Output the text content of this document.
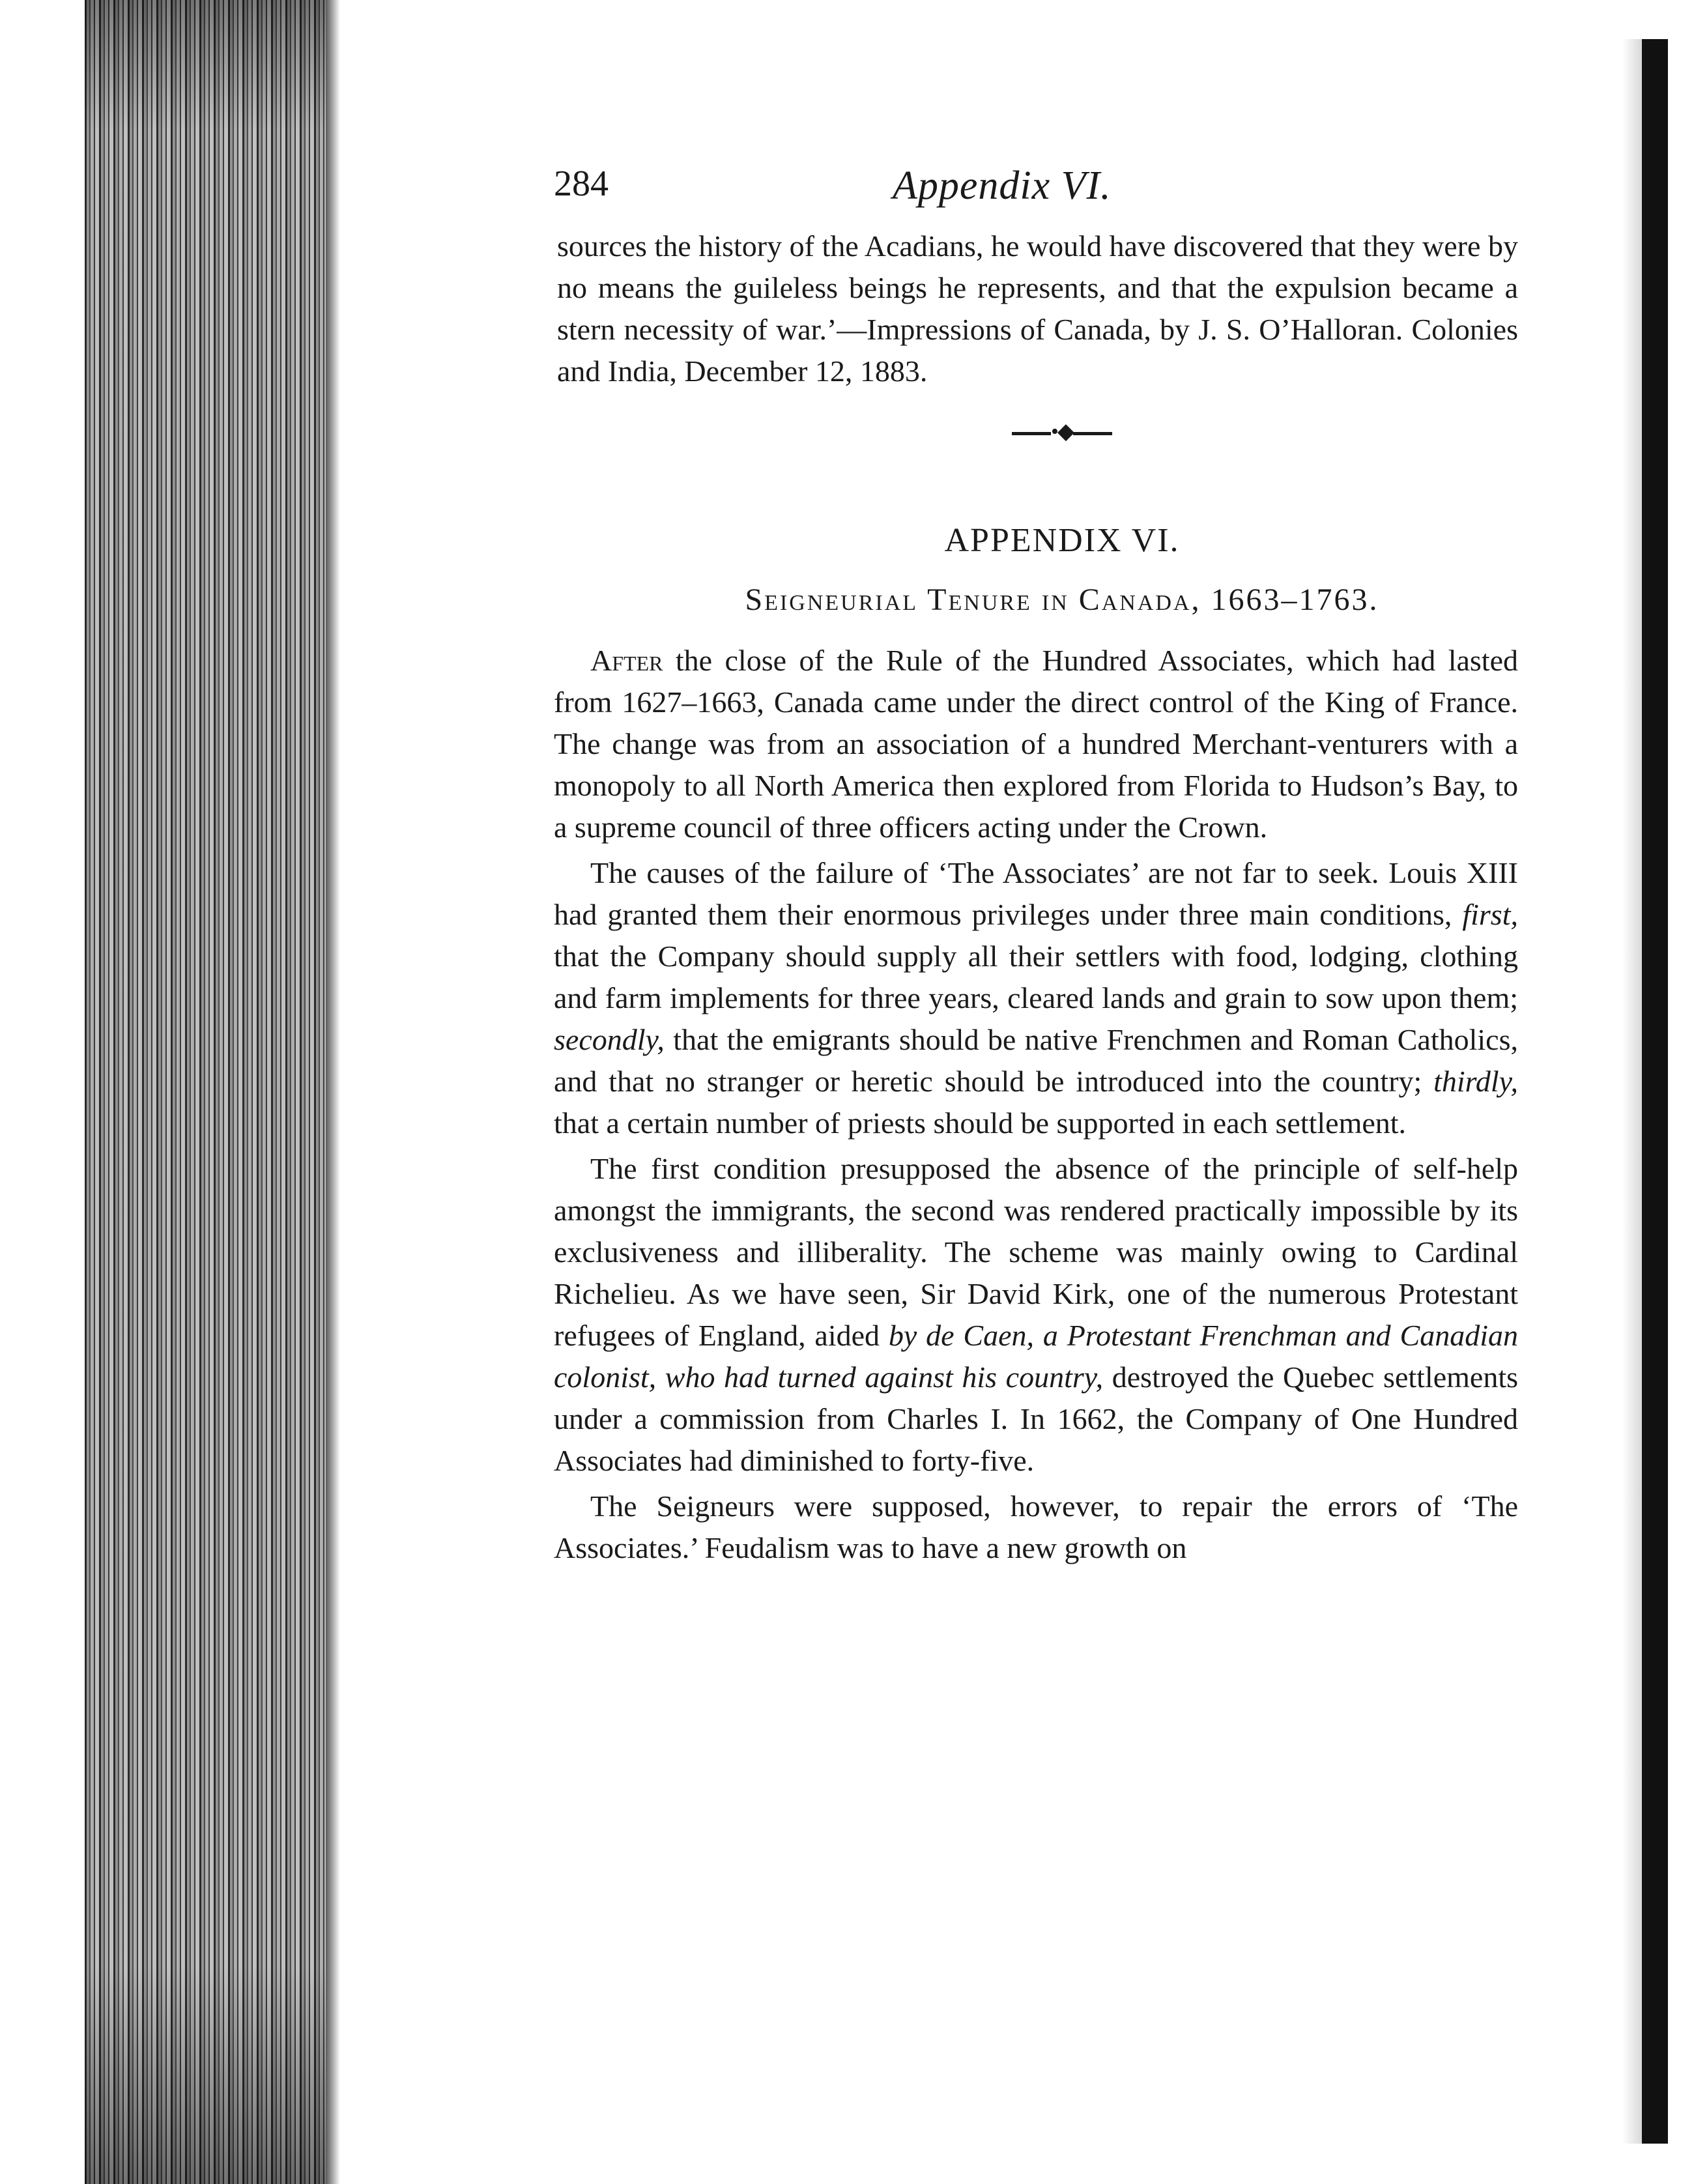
284	Appendix VI.

sources the history of the Acadians, he would have discovered that they were by no means the guileless beings he represents, and that the expulsion became a stern necessity of war.’—Impressions of Canada, by J. S. O’Halloran. Colonies and India, December 12, 1883.

•◆
APPENDIX VI.
Seigneurial Tenure in Canada, 1663–1763.

After the close of the Rule of the Hundred Associates, which had lasted from 1627–1663, Canada came under the direct control of the King of France. The change was from an association of a hundred Merchant-venturers with a monopoly to all North America then explored from Florida to Hudson’s Bay, to a supreme council of three officers acting under the Crown.

The causes of the failure of ‘The Associates’ are not far to seek. Louis XIII had granted them their enormous privileges under three main conditions, first, that the Company should supply all their settlers with food, lodging, clothing and farm implements for three years, cleared lands and grain to sow upon them; secondly, that the emigrants should be native Frenchmen and Roman Catholics, and that no stranger or heretic should be introduced into the country; thirdly, that a certain number of priests should be supported in each settlement.

The first condition presupposed the absence of the principle of self-help amongst the immigrants, the second was rendered practically impossible by its exclusiveness and illiberality. The scheme was mainly owing to Cardinal Richelieu. As we have seen, Sir David Kirk, one of the numerous Protestant refugees of England, aided by de Caen, a Protestant Frenchman and Canadian colonist, who had turned against his country, destroyed the Quebec settlements under a commission from Charles I. In 1662, the Company of One Hundred Associates had diminished to forty-five.

The Seigneurs were supposed, however, to repair the errors of ‘The Associates.’ Feudalism was to have a new growth on
